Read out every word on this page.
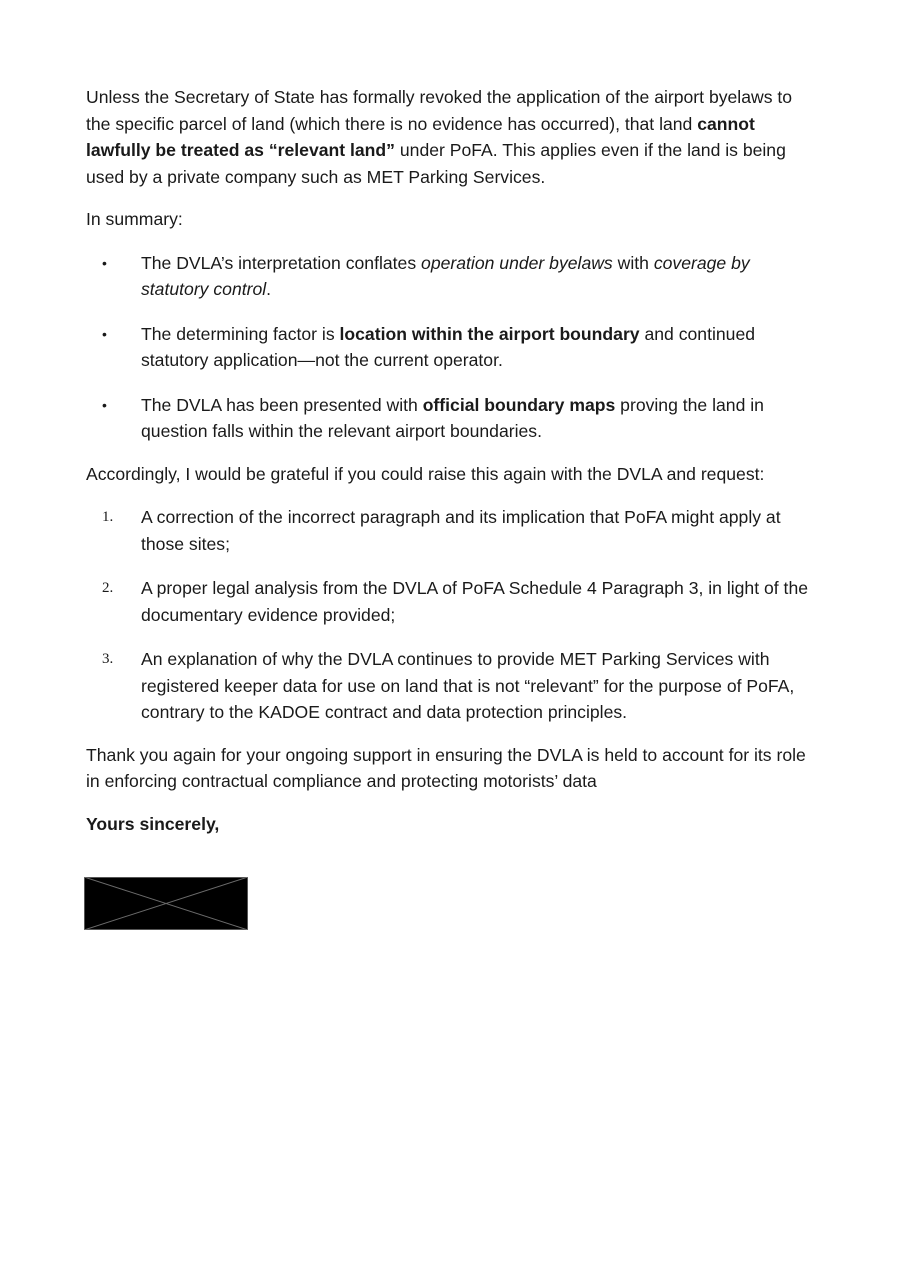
Unless the Secretary of State has formally revoked the application of the airport byelaws to the specific parcel of land (which there is no evidence has occurred), that land cannot lawfully be treated as “relevant land” under PoFA. This applies even if the land is being used by a private company such as MET Parking Services.

In summary:

• The DVLA’s interpretation conflates operation under byelaws with coverage by statutory control.
• The determining factor is location within the airport boundary and continued statutory application—not the current operator.
• The DVLA has been presented with official boundary maps proving the land in question falls within the relevant airport boundaries.

Accordingly, I would be grateful if you could raise this again with the DVLA and request:

1. A correction of the incorrect paragraph and its implication that PoFA might apply at those sites;
2. A proper legal analysis from the DVLA of PoFA Schedule 4 Paragraph 3, in light of the documentary evidence provided;
3. An explanation of why the DVLA continues to provide MET Parking Services with registered keeper data for use on land that is not “relevant” for the purpose of PoFA, contrary to the KADOE contract and data protection principles.

Thank you again for your ongoing support in ensuring the DVLA is held to account for its role in enforcing contractual compliance and protecting motorists’ data

Yours sincerely,
